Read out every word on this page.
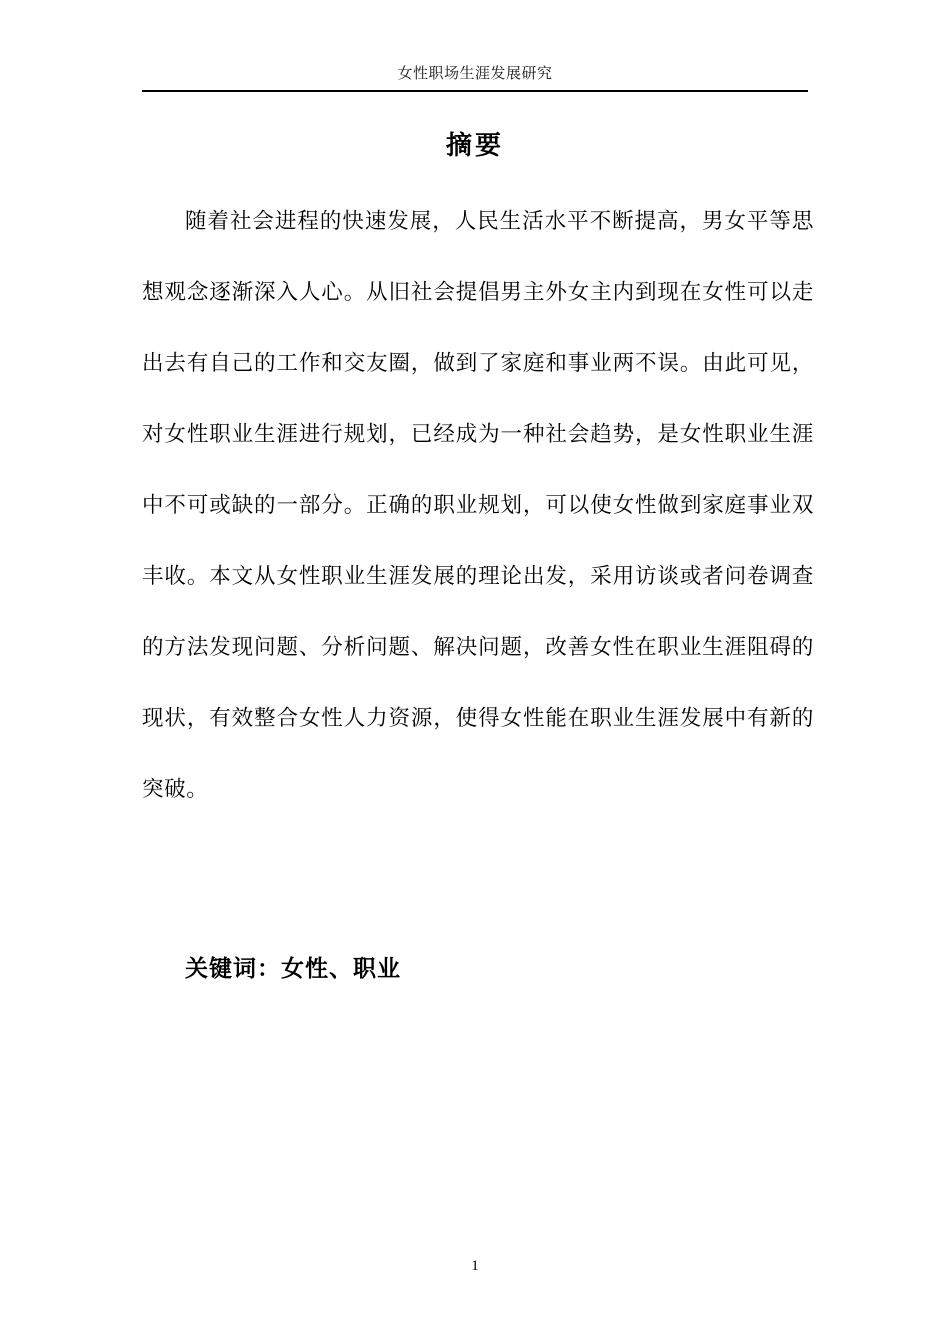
女性职场生涯发展研究
摘要
随着社会进程的快速发展，人民生活水平不断提高，男女平等思想观念逐渐深入人心。从旧社会提倡男主外女主内到现在女性可以走出去有自己的工作和交友圈，做到了家庭和事业两不误。由此可见，对女性职业生涯进行规划，已经成为一种社会趋势，是女性职业生涯中不可或缺的一部分。正确的职业规划，可以使女性做到家庭事业双丰收。本文从女性职业生涯发展的理论出发，采用访谈或者问卷调查的方法发现问题、分析问题、解决问题，改善女性在职业生涯阻碍的现状，有效整合女性人力资源，使得女性能在职业生涯发展中有新的突破。
关键词：女性、职业
1
